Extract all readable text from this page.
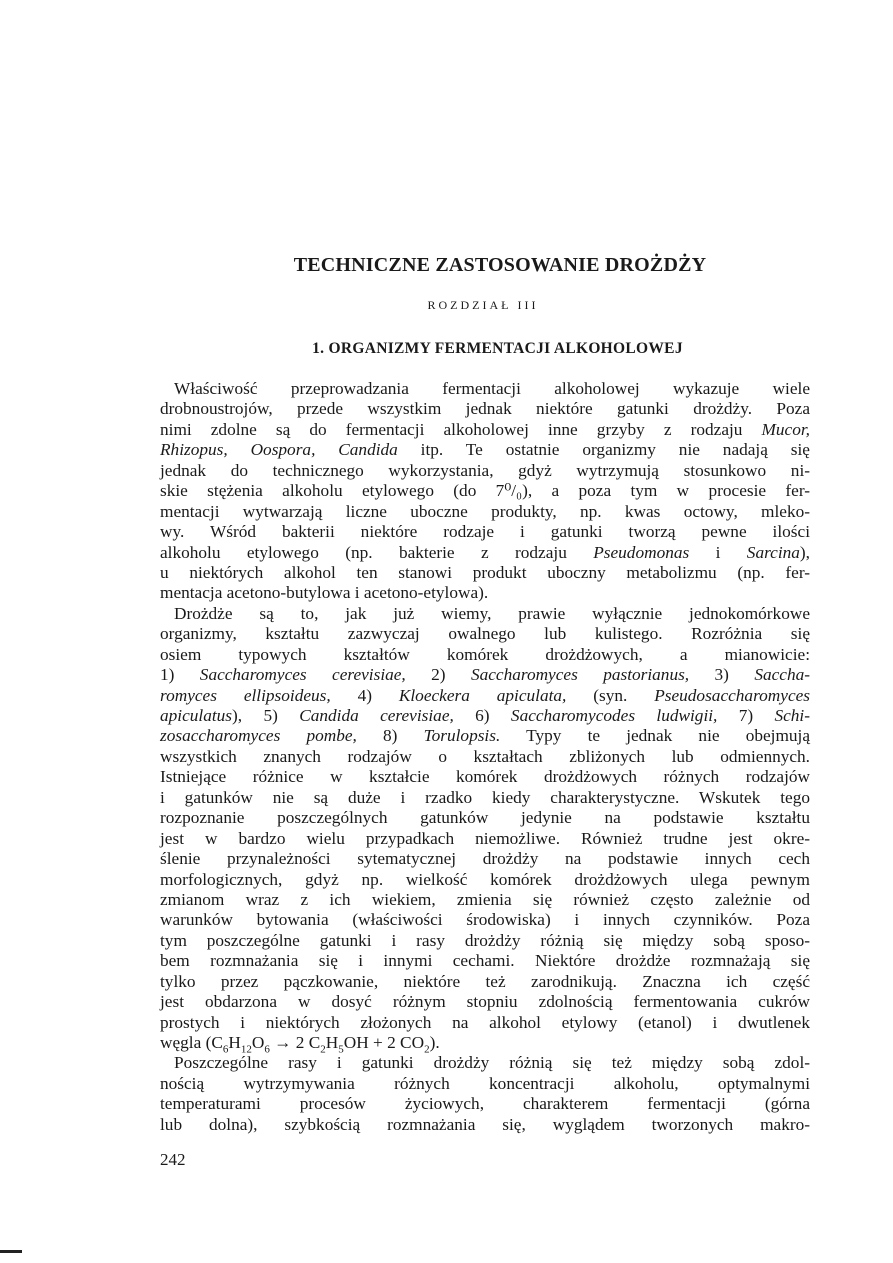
ROZDZIAŁ III
TECHNICZNE ZASTOSOWANIE DROŻDŻY
1. ORGANIZMY FERMENTACJI ALKOHOLOWEJ
Właściwość przeprowadzania fermentacji alkoholowej wykazuje wiele
drobnoustrojów, przede wszystkim jednak niektóre gatunki drożdży. Poza
nimi zdolne są do fermentacji alkoholowej inne grzyby z rodzaju Mucor,
Rhizopus, Oospora, Candida itp. Te ostatnie organizmy nie nadają się
jednak do technicznego wykorzystania, gdyż wytrzymują stosunkowo ni-
skie stężenia alkoholu etylowego (do 7⁰/₀), a poza tym w procesie fer-
mentacji wytwarzają liczne uboczne produkty, np. kwas octowy, mleko-
wy. Wśród bakterii niektóre rodzaje i gatunki tworzą pewne ilości
alkoholu etylowego (np. bakterie z rodzaju Pseudomonas i Sarcina),
u niektórych alkohol ten stanowi produkt uboczny metabolizmu (np. fer-
mentacja acetono-butylowa i acetono-etylowa).
Drożdże są to, jak już wiemy, prawie wyłącznie jednokomórkowe
organizmy, kształtu zazwyczaj owalnego lub kulistego. Rozróżnia się
osiem typowych kształtów komórek drożdżowych, a mianowicie:
1) Saccharomyces cerevisiae, 2) Saccharomyces pastorianus, 3) Saccha-
romyces ellipsoideus, 4) Kloeckera apiculata, (syn. Pseudosaccharomyces
apiculatus), 5) Candida cerevisiae, 6) Saccharomycodes ludwigii, 7) Schi-
zosaccharomyces pombe, 8) Torulopsis. Typy te jednak nie obejmują
wszystkich znanych rodzajów o kształtach zbliżonych lub odmiennych.
Istniejące różnice w kształcie komórek drożdżowych różnych rodzajów
i gatunków nie są duże i rzadko kiedy charakterystyczne. Wskutek tego
rozpoznanie poszczególnych gatunków jedynie na podstawie kształtu
jest w bardzo wielu przypadkach niemożliwe. Również trudne jest okre-
ślenie przynależności sytematycznej drożdży na podstawie innych cech
morfologicznych, gdyż np. wielkość komórek drożdżowych ulega pewnym
zmianom wraz z ich wiekiem, zmienia się również często zależnie od
warunków bytowania (właściwości środowiska) i innych czynników. Poza
tym poszczególne gatunki i rasy drożdży różnią się między sobą sposo-
bem rozmnażania się i innymi cechami. Niektóre drożdże rozmnażają się
tylko przez pączkowanie, niektóre też zarodnikują. Znaczna ich część
jest obdarzona w dosyć różnym stopniu zdolnością fermentowania cukrów
prostych i niektórych złożonych na alkohol etylowy (etanol) i dwutlenek
węgla ($C_6H_{12}O_6 \to 2$ $C_2H_5OH + 2$ $CO_2$).
Poszczególne rasy i gatunki drożdży różnią się też między sobą zdol-
nością wytrzymywania różnych koncentracji alkoholu, optymalnymi
temperaturami procesów życiowych, charakterem fermentacji (górna
lub dolna), szybkością rozmnażania się, wyglądem tworzonych makro-
242
